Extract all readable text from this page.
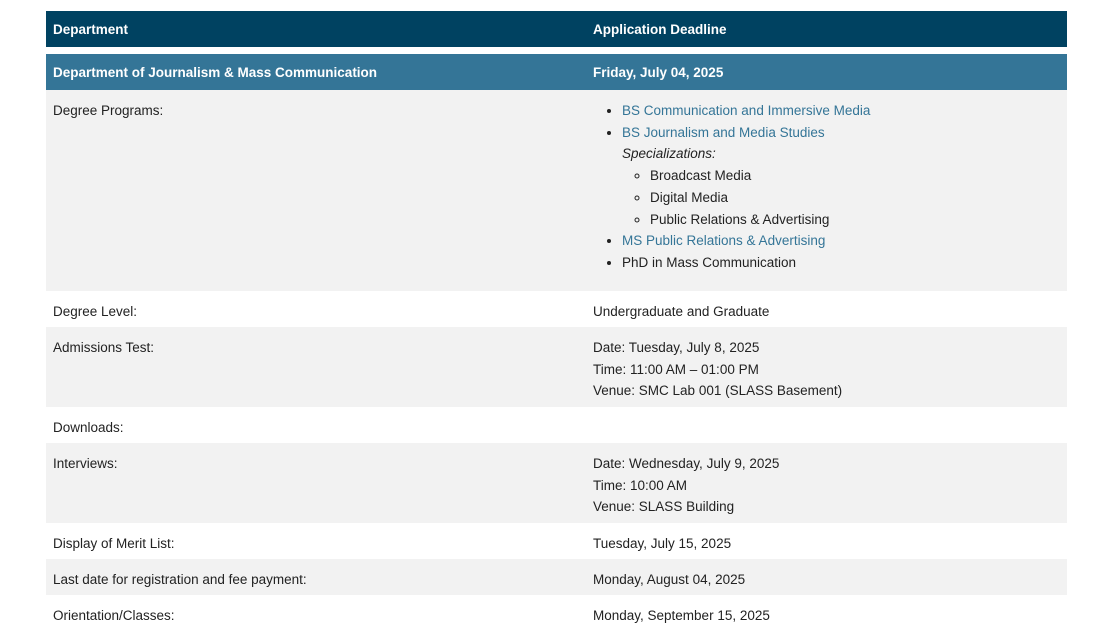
Department	Application Deadline
Department of Journalism & Mass Communication	Friday, July 04, 2025
Degree Programs:
•	BS Communication and Immersive Media
• BS Journalism and Media Studies
Specializations:
◦ Broadcast Media
◦ Digital Media
◦ Public Relations & Advertising
• MS Public Relations & Advertising
• PhD in Mass Communication
Degree Level:	Undergraduate and Graduate
Admissions Test:	Date: Tuesday, July 8, 2025
Time: 11:00 AM – 01:00 PM
Venue: SMC Lab 001 (SLASS Basement)
Downloads:
Interviews:	Date: Wednesday, July 9, 2025
Time: 10:00 AM
Venue: SLASS Building
Display of Merit List:	Tuesday, July 15, 2025
Last date for registration and fee payment:	Monday, August 04, 2025
Orientation/Classes:	Monday, September 15, 2025
